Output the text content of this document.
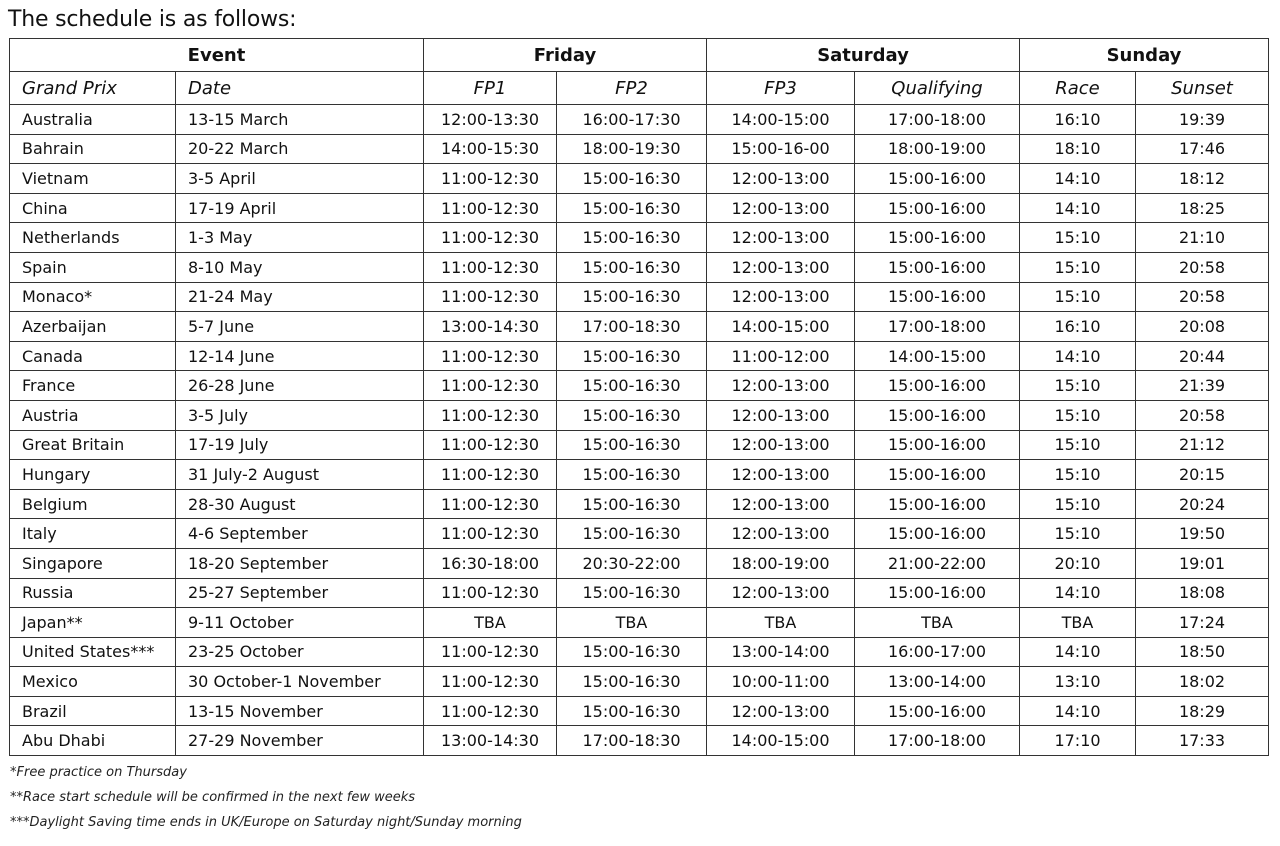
The schedule is as follows:
Event		Friday		Saturday		Sunday	
Grand Prix	Date	FP1	FP2	FP3	Qualifying	Race	Sunset
Australia	13-15 March	12:00-13:30	16:00-17:30	14:00-15:00	17:00-18:00	16:10	19:39
Bahrain	20-22 March	14:00-15:30	18:00-19:30	15:00-16-00	18:00-19:00	18:10	17:46
Vietnam	3-5 April	11:00-12:30	15:00-16:30	12:00-13:00	15:00-16:00	14:10	18:12
China	17-19 April	11:00-12:30	15:00-16:30	12:00-13:00	15:00-16:00	14:10	18:25
Netherlands	1-3 May	11:00-12:30	15:00-16:30	12:00-13:00	15:00-16:00	15:10	21:10
Spain	8-10 May	11:00-12:30	15:00-16:30	12:00-13:00	15:00-16:00	15:10	20:58
Monaco*	21-24 May	11:00-12:30	15:00-16:30	12:00-13:00	15:00-16:00	15:10	20:58
Azerbaijan	5-7 June	13:00-14:30	17:00-18:30	14:00-15:00	17:00-18:00	16:10	20:08
Canada	12-14 June	11:00-12:30	15:00-16:30	11:00-12:00	14:00-15:00	14:10	20:44
France	26-28 June	11:00-12:30	15:00-16:30	12:00-13:00	15:00-16:00	15:10	21:39
Austria	3-5 July	11:00-12:30	15:00-16:30	12:00-13:00	15:00-16:00	15:10	20:58
Great Britain	17-19 July	11:00-12:30	15:00-16:30	12:00-13:00	15:00-16:00	15:10	21:12
Hungary	31 July-2 August	11:00-12:30	15:00-16:30	12:00-13:00	15:00-16:00	15:10	20:15
Belgium	28-30 August	11:00-12:30	15:00-16:30	12:00-13:00	15:00-16:00	15:10	20:24
Italy	4-6 September	11:00-12:30	15:00-16:30	12:00-13:00	15:00-16:00	15:10	19:50
Singapore	18-20 September	16:30-18:00	20:30-22:00	18:00-19:00	21:00-22:00	20:10	19:01
Russia	25-27 September	11:00-12:30	15:00-16:30	12:00-13:00	15:00-16:00	14:10	18:08
Japan**	9-11 October	TBA	TBA	TBA	TBA	TBA	17:24
United States***	23-25 October	11:00-12:30	15:00-16:30	13:00-14:00	16:00-17:00	14:10	18:50
Mexico	30 October-1 November	11:00-12:30	15:00-16:30	10:00-11:00	13:00-14:00	13:10	18:02
Brazil	13-15 November	11:00-12:30	15:00-16:30	12:00-13:00	15:00-16:00	14:10	18:29
Abu Dhabi	27-29 November	13:00-14:30	17:00-18:30	14:00-15:00	17:00-18:00	17:10	17:33
*Free practice on Thursday
**Race start schedule will be confirmed in the next few weeks
***Daylight Saving time ends in UK/Europe on Saturday night/Sunday morning
